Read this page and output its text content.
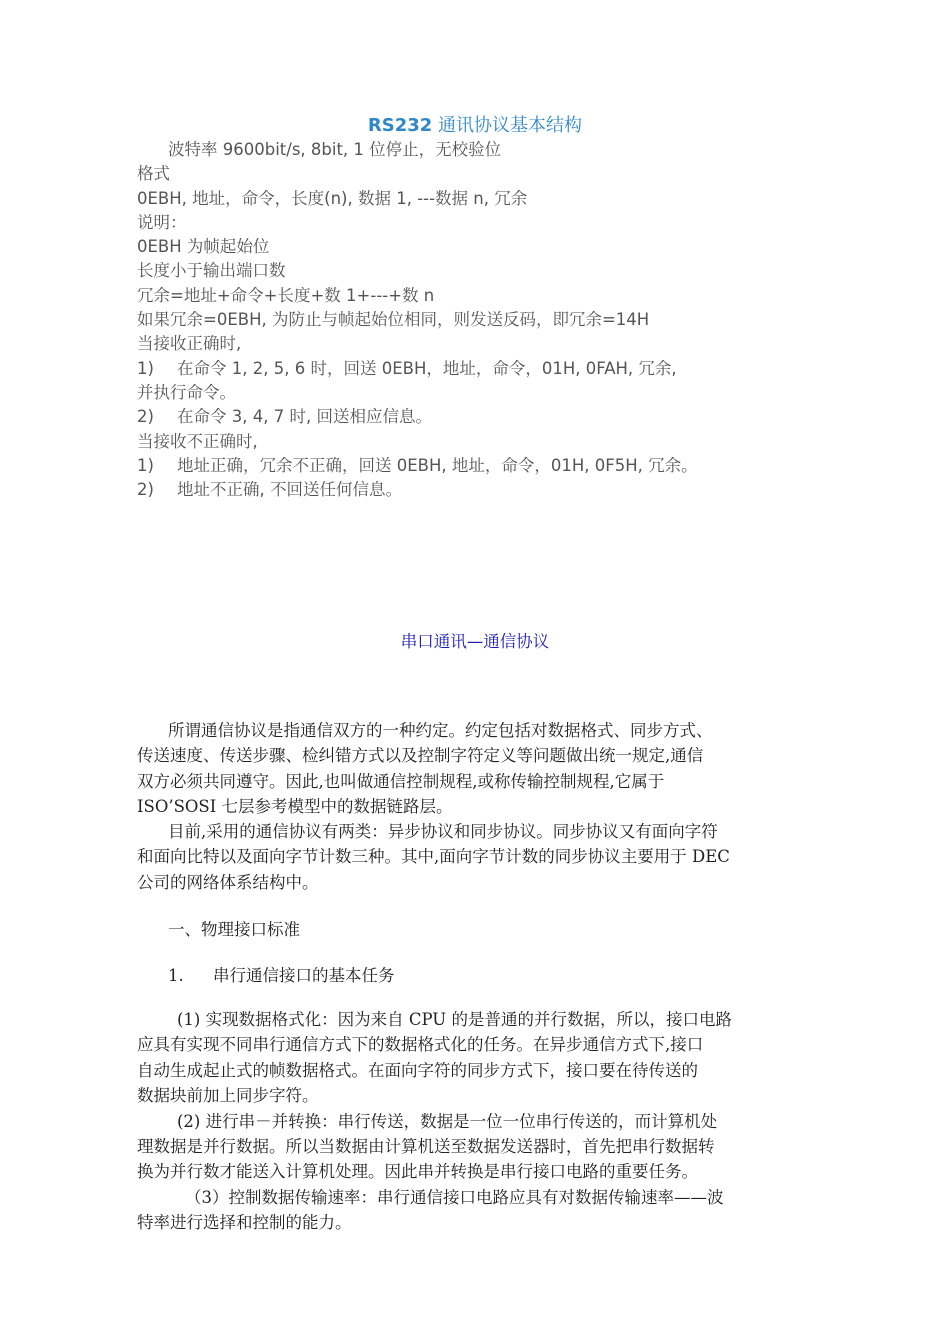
RS232 通讯协议基本结构
波特率 9600bit/s, 8bit, 1 位停止，无校验位
格式
0EBH, 地址，命令，长度(n), 数据 1, ---数据 n, 冗余
说明：
0EBH 为帧起始位
长度小于输出端口数
冗余=地址+命令+长度+数 1+---+数 n
如果冗余=0EBH, 为防止与帧起始位相同，则发送反码，即冗余=14H
当接收正确时,
1) 在命令 1, 2, 5, 6 时，回送 0EBH，地址，命令，01H, 0FAH, 冗余,
并执行命令。
2) 在命令 3, 4, 7 时, 回送相应信息。
当接收不正确时,
1) 地址正确，冗余不正确，回送 0EBH, 地址，命令，01H, 0F5H, 冗余。
2) 地址不正确, 不回送任何信息。
串口通讯—通信协议
所谓通信协议是指通信双方的一种约定。约定包括对数据格式、同步方式、
传送速度、传送步骤、检纠错方式以及控制字符定义等问题做出统一规定,通信
双方必须共同遵守。因此,也叫做通信控制规程,或称传输控制规程,它属于
ISO’SOSI 七层参考模型中的数据链路层。
目前,采用的通信协议有两类：异步协议和同步协议。同步协议又有面向字符
和面向比特以及面向字节计数三种。其中,面向字节计数的同步协议主要用于 DEC
公司的网络体系结构中。
一、物理接口标准
1. 串行通信接口的基本任务
(1) 实现数据格式化：因为来自 CPU 的是普通的并行数据，所以，接口电路
应具有实现不同串行通信方式下的数据格式化的任务。在异步通信方式下,接口
自动生成起止式的帧数据格式。在面向字符的同步方式下，接口要在待传送的
数据块前加上同步字符。
(2) 进行串－并转换：串行传送，数据是一位一位串行传送的，而计算机处
理数据是并行数据。所以当数据由计算机送至数据发送器时，首先把串行数据转
换为并行数才能送入计算机处理。因此串并转换是串行接口电路的重要任务。
（3）控制数据传输速率：串行通信接口电路应具有对数据传输速率——波
特率进行选择和控制的能力。
